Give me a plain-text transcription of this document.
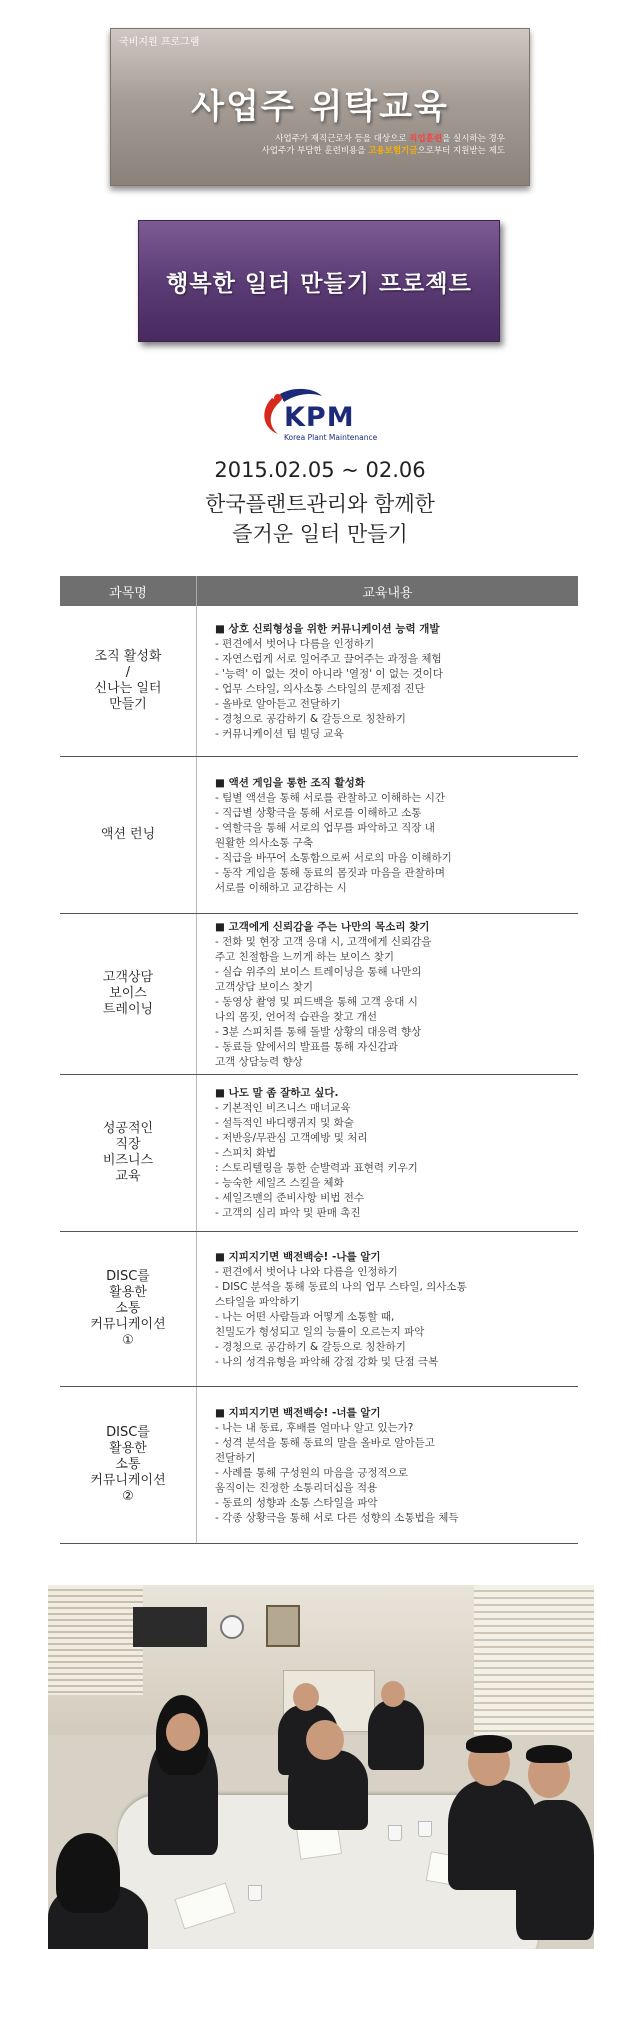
국비지원 프로그램
사업주 위탁교육
사업주가 재직근로자 등을 대상으로 직업훈련을 실시하는 경우
사업주가 부담한 훈련비용을 고용보험기금으로부터 지원받는 제도
행복한 일터 만들기 프로젝트
KPM
Korea Plant Maintenance
2015.02.05 ~ 02.06
한국플랜트관리와 함께한
즐거운 일터 만들기
과목명	교육내용
조직 활성화
/
신나는 일터
만들기
■ 상호 신뢰형성을 위한 커뮤니케이션 능력 개발
- 편견에서 벗어나 다름을 인정하기
- 자연스럽게 서로 일어주고 끌어주는 과정을 체험
- '능력' 이 없는 것이 아니라 '열정' 이 없는 것이다
- 업무 스타일, 의사소통 스타일의 문제점 진단
- 올바로 알아듣고 전달하기
- 경청으로 공감하기 & 갈등으로 칭찬하기
- 커뮤니케이션 팀 빌딩 교육
액션 런닝
■ 액션 게임을 통한 조직 활성화
- 팀별 액션을 통해 서로를 관찰하고 이해하는 시간
- 직급별 상황극을 통해 서로를 이해하고 소통
- 역할극을 통해 서로의 업무를 파악하고 직장 내
원활한 의사소통 구축
- 직급을 바꾸어 소통함으로써 서로의 마음 이해하기
- 동작 게임을 통해 동료의 몸짓과 마음을 관찰하며
서로를 이해하고 교감하는 시
고객상담
보이스
트레이닝
■ 고객에게 신뢰감을 주는 나만의 목소리 찾기
- 전화 및 현장 고객 응대 시, 고객에게 신뢰감을
주고 친절함을 느끼게 하는 보이스 찾기
- 실습 위주의 보이스 트레이닝을 통해 나만의
고객상담 보이스 찾기
- 동영상 촬영 및 피드백을 통해 고객 응대 시
나의 몸짓, 언어적 습관을 찾고 개선
- 3분 스피치를 통해 돌발 상황의 대응력 향상
- 동료들 앞에서의 발표를 통해 자신감과
고객 상담능력 향상
성공적인
직장
비즈니스
교육
■ 나도 말 좀 잘하고 싶다.
- 기본적인 비즈니스 매너교육
- 설득적인 바디랭귀지 및 화술
- 저반응/무관심 고객예방 및 처리
- 스피치 화법
: 스토리텔링을 통한 순발력과 표현력 키우기
- 능숙한 세일즈 스킬을 체화
- 세일즈맨의 준비사항 비법 전수
- 고객의 심리 파악 및 판매 촉진
DISC를
활용한
소통
커뮤니케이션
①
■ 지피지기면 백전백승! -나를 알기
- 편견에서 벗어나 나와 다름을 인정하기
- DISC 분석을 통해 동료의 나의 업무 스타일, 의사소통
스타일을 파악하기
- 나는 어떤 사람들과 어떻게 소통할 때,
친밀도가 형성되고 일의 능률이 오르는지 파악
- 경청으로 공감하기 & 갈등으로 칭찬하기
- 나의 성격유형을 파악해 강점 강화 및 단점 극복
DISC를
활용한
소통
커뮤니케이션
②
■ 지피지기면 백전백승! -너를 알기
- 나는 내 동료, 후배를 얼마나 알고 있는가?
- 성격 분석을 통해 동료의 말을 올바로 알아듣고
전달하기
- 사례를 통해 구성원의 마음을 긍정적으로
움직이는 진정한 소통리더십을 적용
- 동료의 성향과 소통 스타일을 파악
- 각종 상황극을 통해 서로 다른 성향의 소통법을 체득
